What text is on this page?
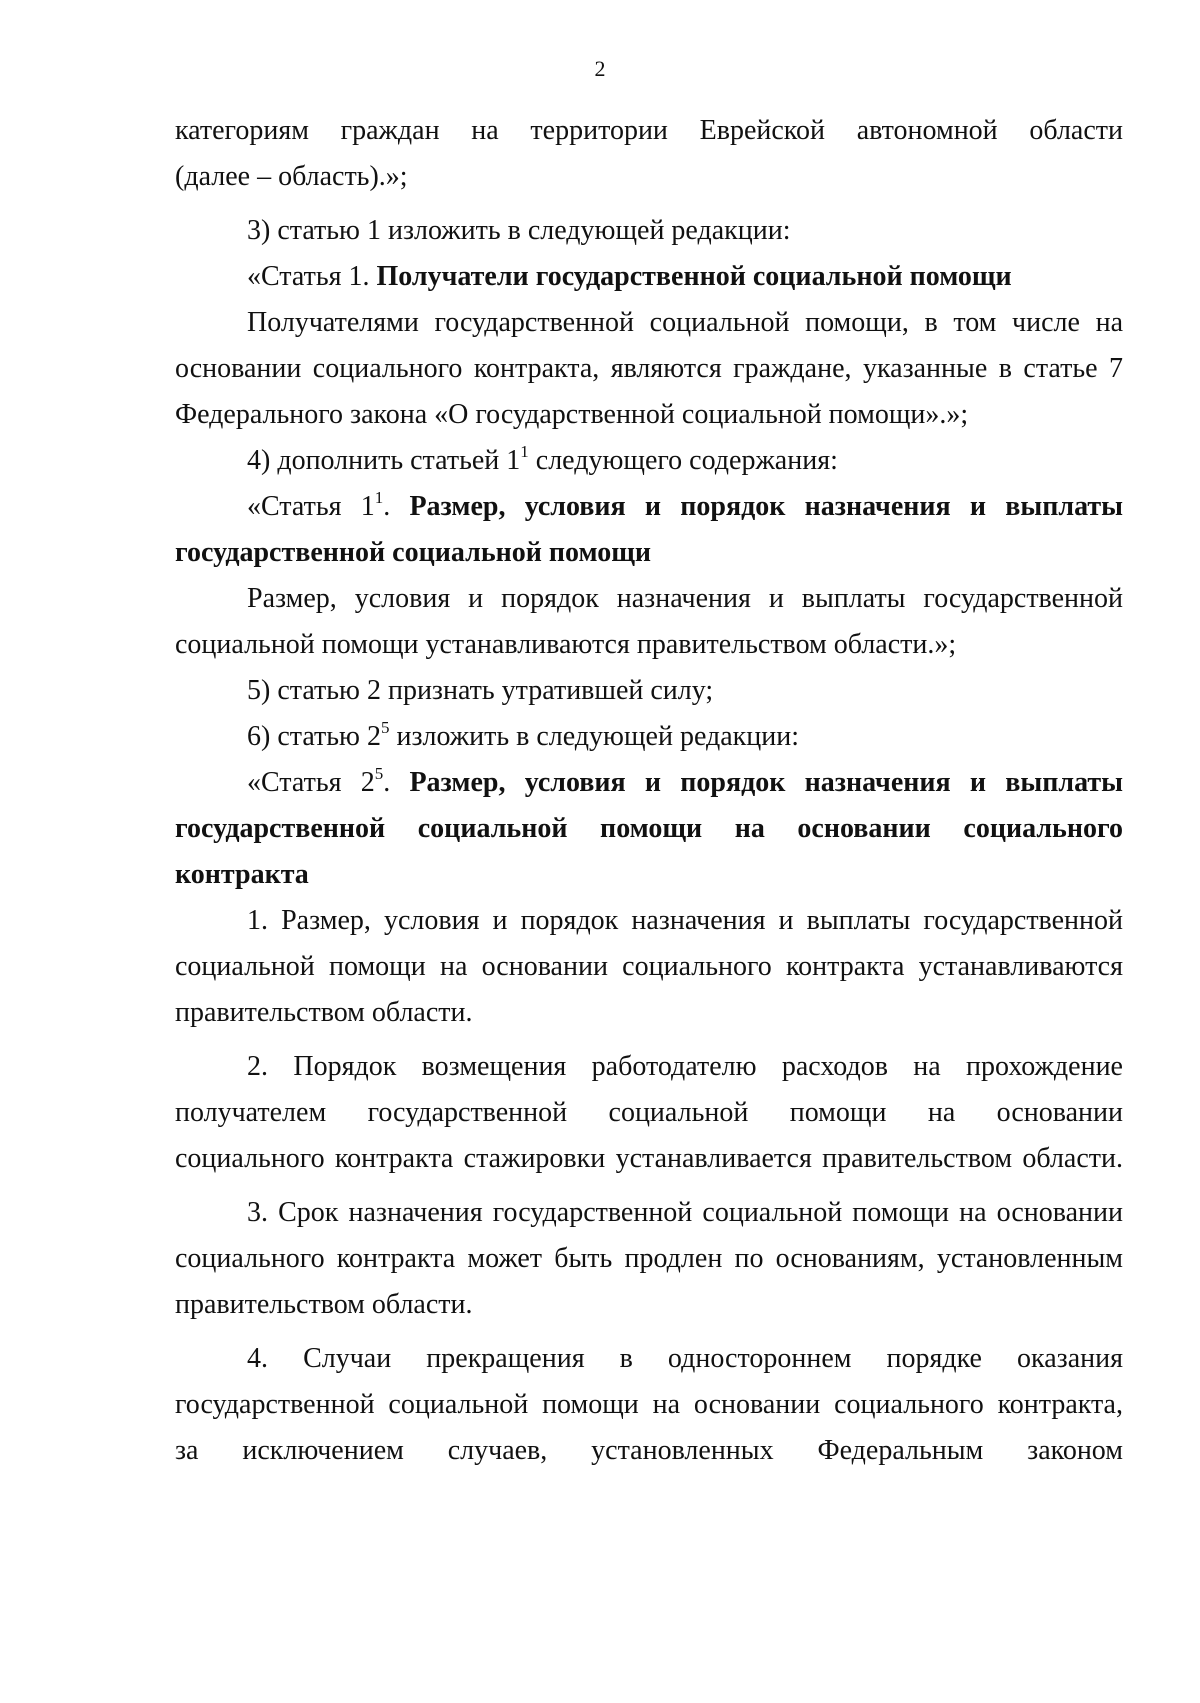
2
категориям граждан на территории Еврейской автономной области
(далее – область).»;
3) статью 1 изложить в следующей редакции:
«Статья 1. Получатели государственной социальной помощи
Получателями государственной социальной помощи, в том числе на
основании социального контракта, являются граждане, указанные в статье 7
Федерального закона «О государственной социальной помощи».»;
4) дополнить статьей $1^1$ следующего содержания:
«Статья $1^1$. Размер, условия и порядок назначения и выплаты
государственной социальной помощи
Размер, условия и порядок назначения и выплаты государственной
социальной помощи устанавливаются правительством области.»;
5) статью 2 признать утратившей силу;
6) статью $2^5$ изложить в следующей редакции:
«Статья $2^5$. Размер, условия и порядок назначения и выплаты
государственной социальной помощи на основании социального
контракта
1. Размер, условия и порядок назначения и выплаты государственной
социальной помощи на основании социального контракта устанавливаются
правительством области.
2. Порядок возмещения работодателю расходов на прохождение
получателем государственной социальной помощи на основании
социального контракта стажировки устанавливается правительством области.
3. Срок назначения государственной социальной помощи на основании
социального контракта может быть продлен по основаниям, установленным
правительством области.
4. Случаи прекращения в одностороннем порядке оказания
государственной социальной помощи на основании социального контракта,
за исключением случаев, установленных Федеральным законом
